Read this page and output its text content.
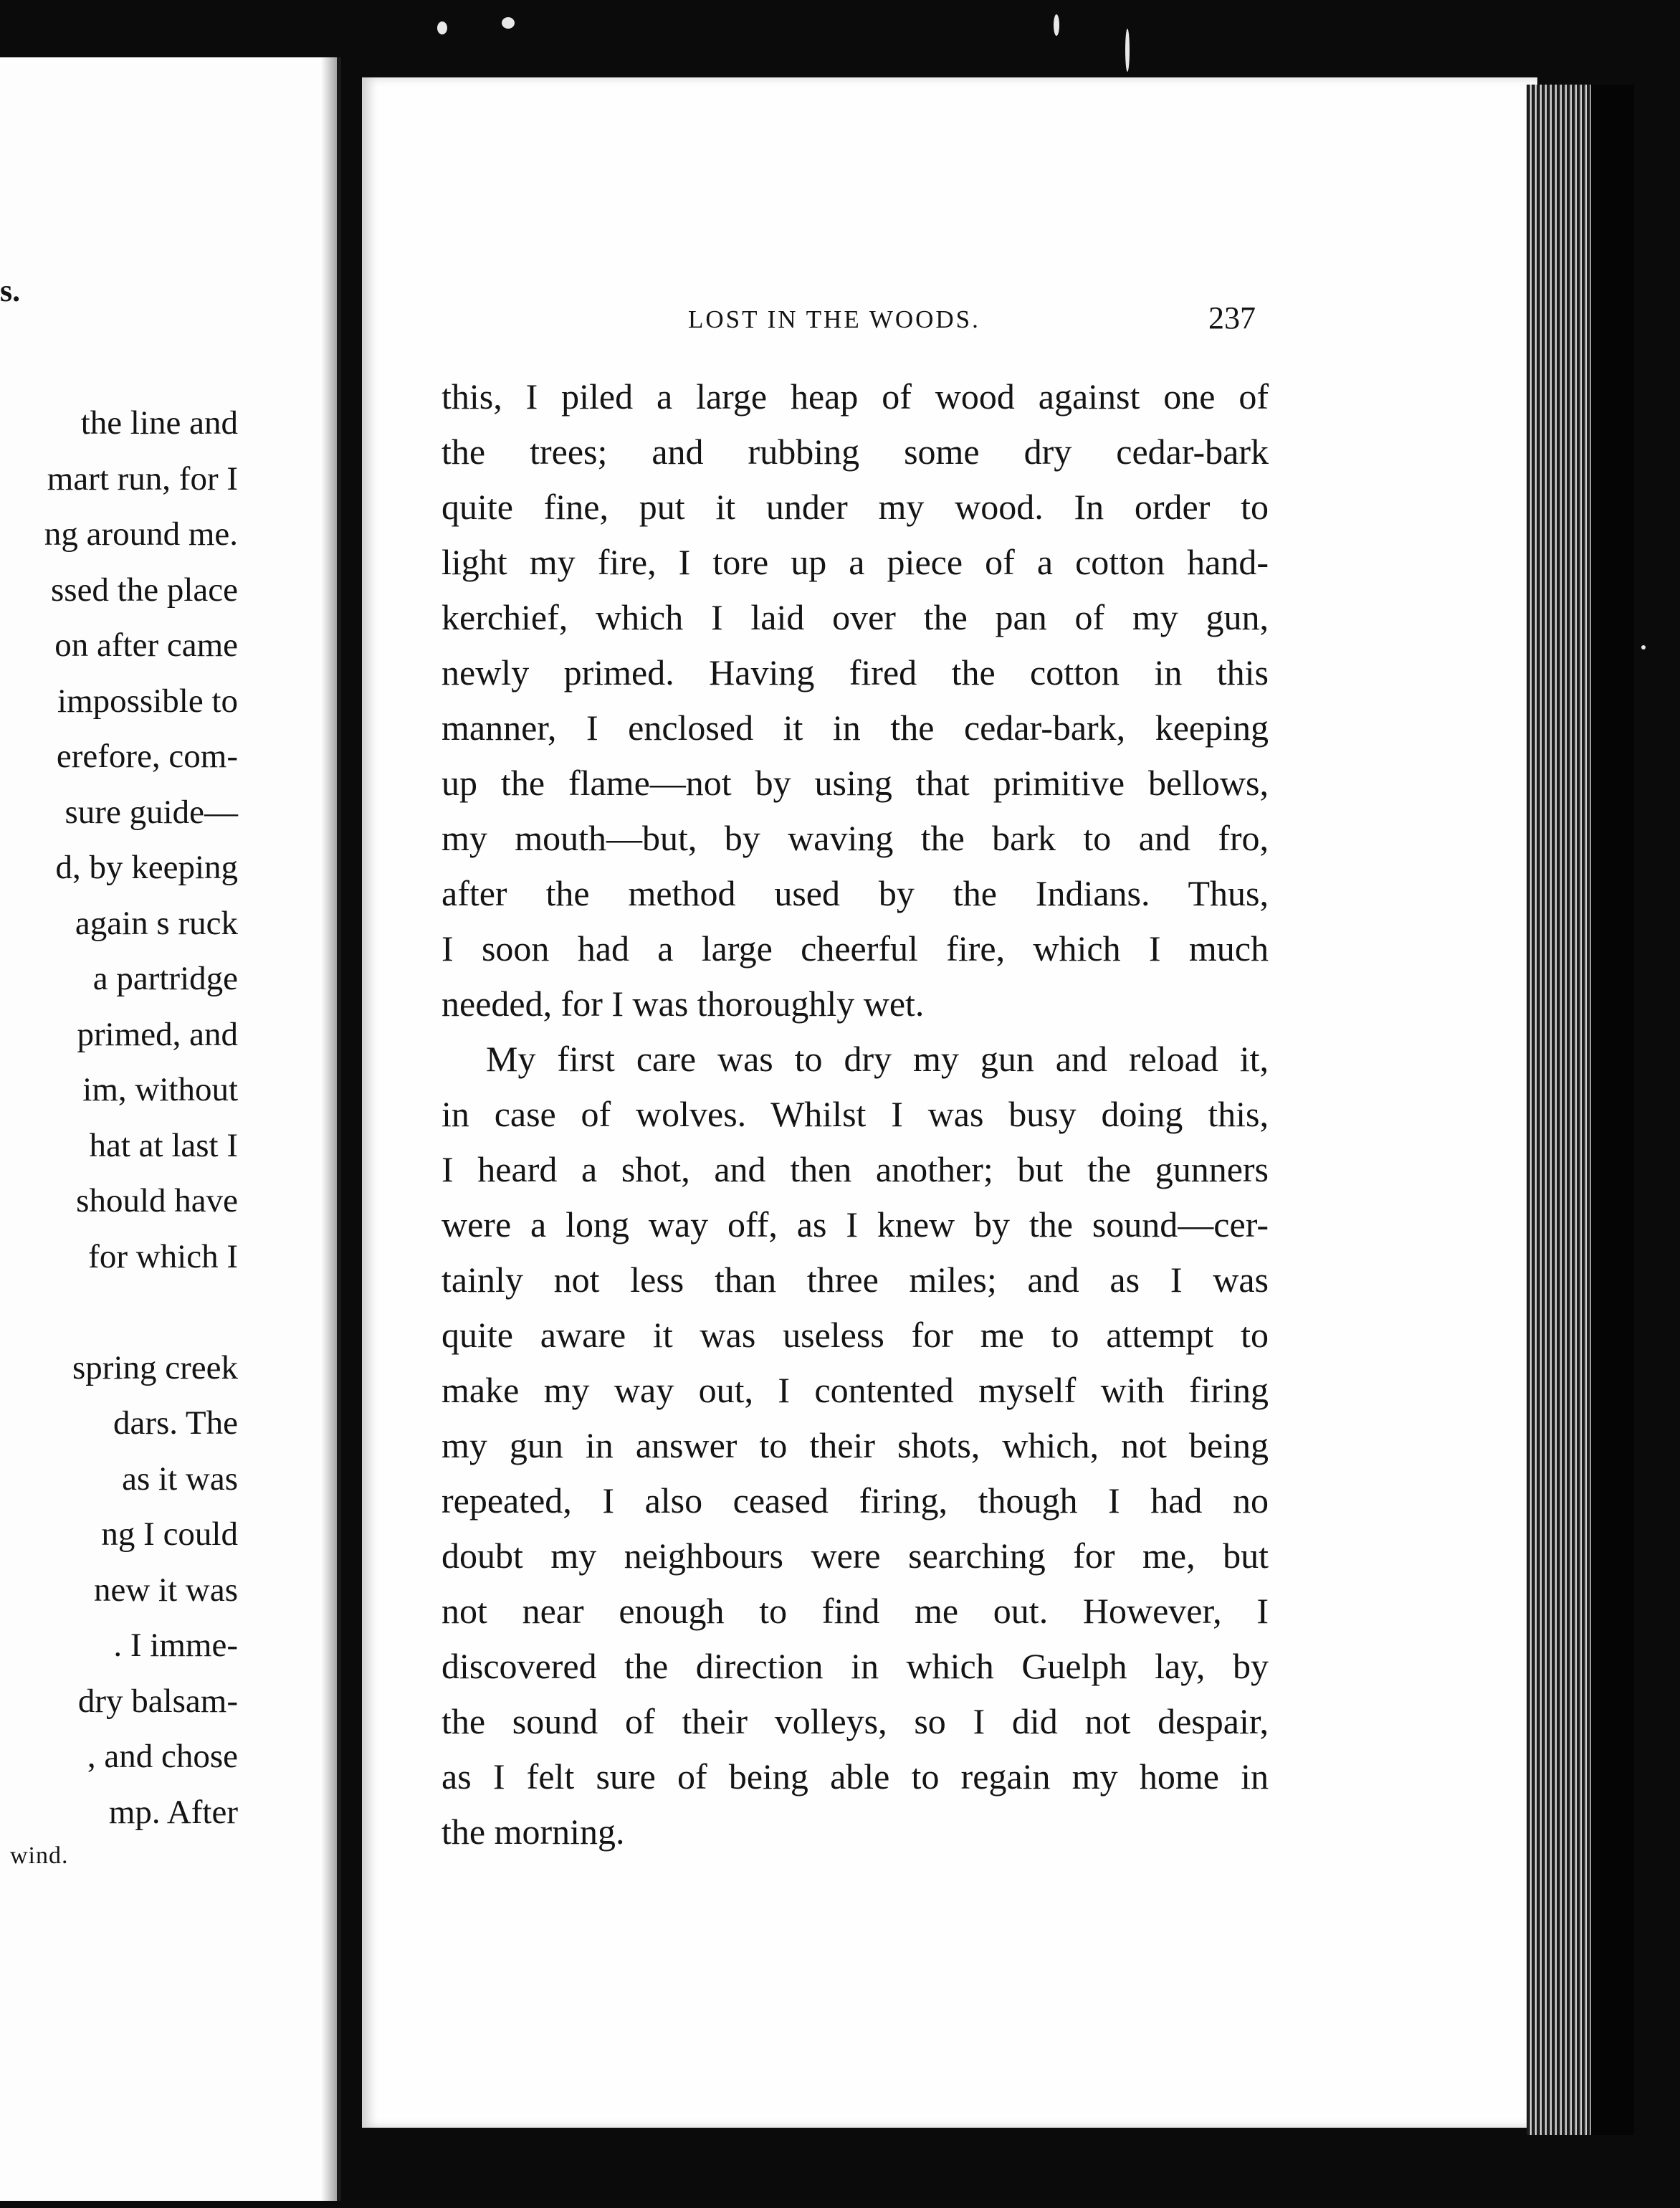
s.
the line and
mart run, for I
ng around me.
ssed the place
on after came
impossible to
erefore, com-
sure guide—
d, by keeping
again s ruck
a partridge
primed, and
im, without
hat at last I
should have
for which I
spring creek
dars. The
as it was
ng I could
new it was
. I imme-
dry balsam-
, and chose
mp. After
wind.
LOST IN THE WOODS.	237
this, I piled a large heap of wood against one of
the trees; and rubbing some dry cedar-bark
quite fine, put it under my wood. In order to
light my fire, I tore up a piece of a cotton hand-
kerchief, which I laid over the pan of my gun,
newly primed. Having fired the cotton in this
manner, I enclosed it in the cedar-bark, keeping
up the flame—not by using that primitive bellows,
my mouth—but, by waving the bark to and fro,
after the method used by the Indians. Thus,
I soon had a large cheerful fire, which I much
needed, for I was thoroughly wet.
My first care was to dry my gun and reload it,
in case of wolves. Whilst I was busy doing this,
I heard a shot, and then another; but the gunners
were a long way off, as I knew by the sound—cer-
tainly not less than three miles; and as I was
quite aware it was useless for me to attempt to
make my way out, I contented myself with firing
my gun in answer to their shots, which, not being
repeated, I also ceased firing, though I had no
doubt my neighbours were searching for me, but
not near enough to find me out. However, I
discovered the direction in which Guelph lay, by
the sound of their volleys, so I did not despair,
as I felt sure of being able to regain my home in
the morning.
